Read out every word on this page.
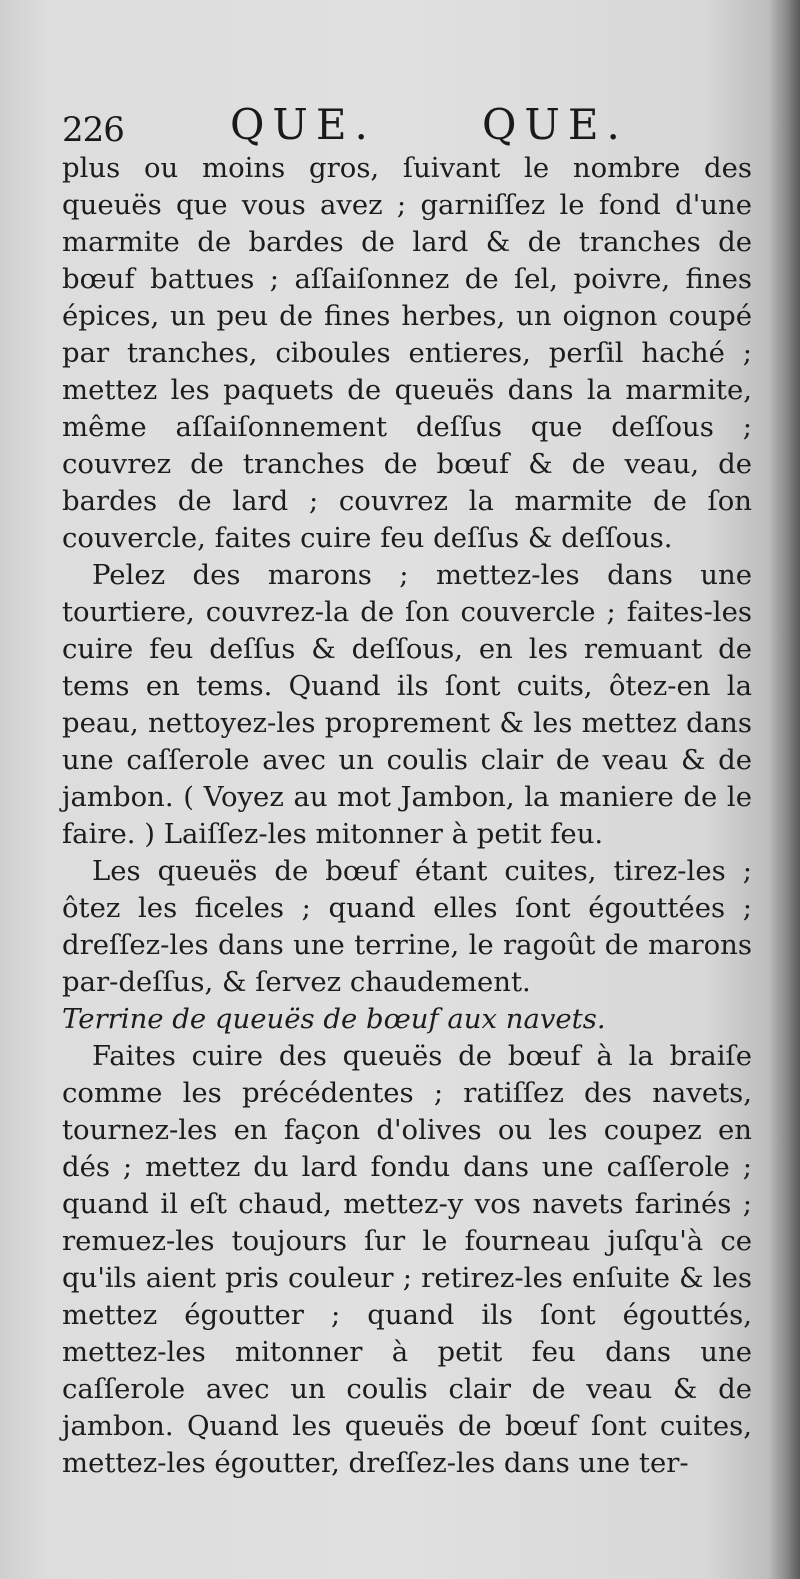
226	QUE.	QUE.

plus ou moins gros, ſuivant le nombre des queuës que vous avez ; garniſſez le fond d'une marmite de bardes de lard & de tranches de bœuf battues ; aſſaiſonnez de ſel, poivre, fines épices, un peu de fines herbes, un oignon coupé par tranches, ciboules entieres, perſil haché ; mettez les paquets de queuës dans la marmite, même aſſaiſonnement deſſus que deſſous ; couvrez de tranches de bœuf & de veau, de bardes de lard ; couvrez la marmite de ſon couvercle, faites cuire feu deſſus & deſſous.

Pelez des marons ; mettez-les dans une tourtiere, couvrez-la de ſon couvercle ; faites-les cuire feu deſſus & deſſous, en les remuant de tems en tems. Quand ils ſont cuits, ôtez-en la peau, nettoyez-les proprement & les mettez dans une caſſerole avec un coulis clair de veau & de jambon. ( Voyez au mot Jambon, la maniere de le faire. ) Laiſſez-les mitonner à petit feu.

Les queuës de bœuf étant cuites, tirez-les ; ôtez les ficeles ; quand elles ſont égouttées ; dreſſez-les dans une terrine, le ragoût de marons par-deſſus, & ſervez chaudement.

Terrine de queuës de bœuf aux navets.

Faites cuire des queuës de bœuf à la braiſe comme les précédentes ; ratiſſez des navets, tournez-les en façon d'olives ou les coupez en dés ; mettez du lard fondu dans une caſſerole ; quand il eſt chaud, mettez-y vos navets farinés ; remuez-les toujours ſur le fourneau juſqu'à ce qu'ils aient pris couleur ; retirez-les enſuite & les mettez égoutter ; quand ils ſont égouttés, mettez-les mitonner à petit feu dans une caſſerole avec un coulis clair de veau & de jambon. Quand les queuës de bœuf ſont cuites, mettez-les égoutter, dreſſez-les dans une ter-
